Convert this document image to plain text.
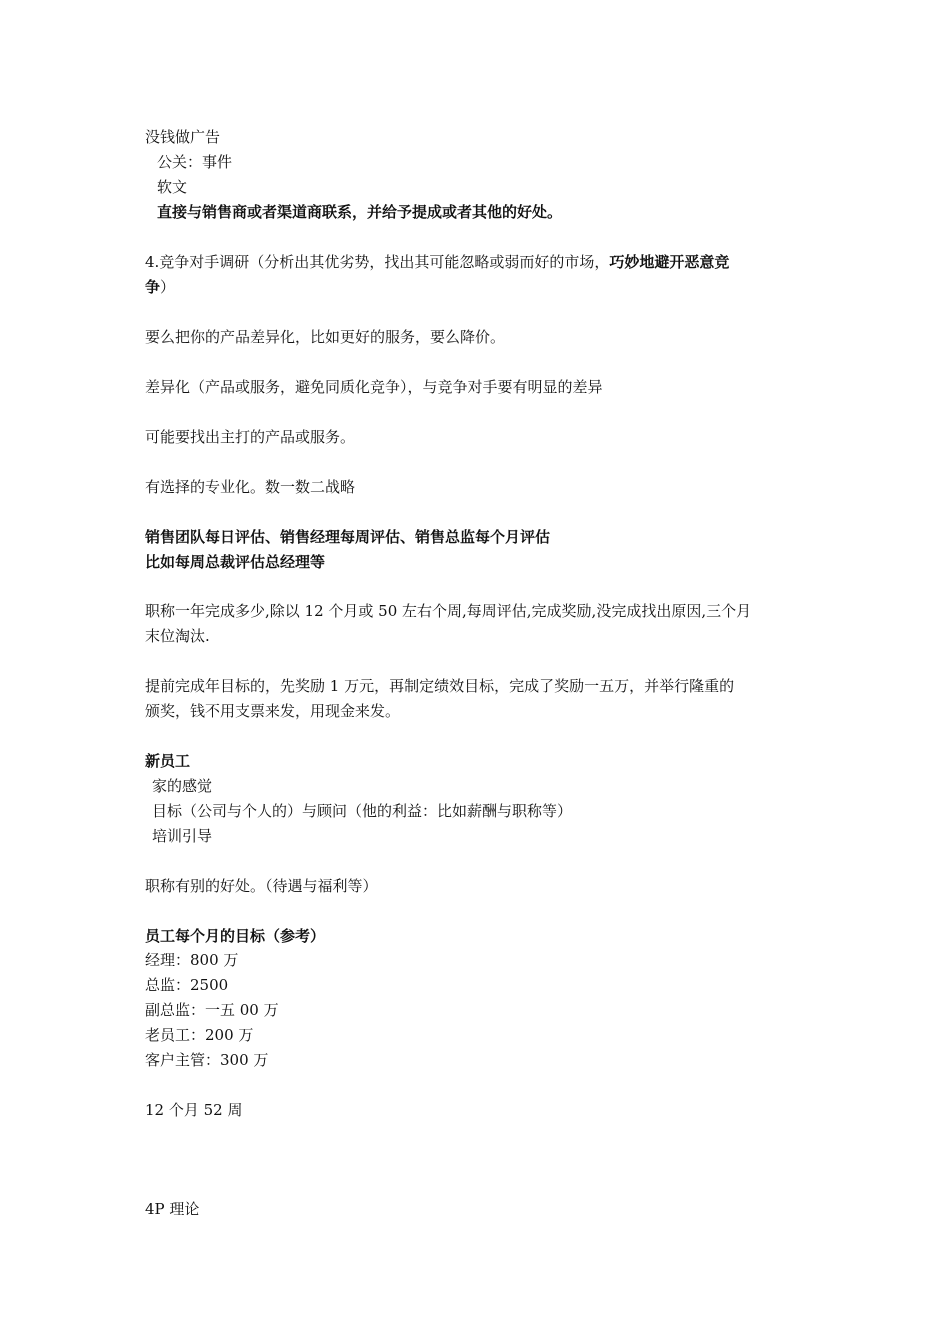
没钱做广告
公关：事件
软文
直接与销售商或者渠道商联系，并给予提成或者其他的好处。
4.竞争对手调研（分析出其优劣势，找出其可能忽略或弱而好的市场，巧妙地避开恶意竞
争）
要么把你的产品差异化，比如更好的服务，要么降价。
差异化（产品或服务，避免同质化竞争），与竞争对手要有明显的差异
可能要找出主打的产品或服务。
有选择的专业化。数一数二战略
销售团队每日评估、销售经理每周评估、销售总监每个月评估
比如每周总裁评估总经理等
职称一年完成多少,除以 12 个月或 50 左右个周,每周评估,完成奖励,没完成找出原因,三个月
末位淘汰.
提前完成年目标的，先奖励 1 万元，再制定绩效目标，完成了奖励一五万，并举行隆重的
颁奖，钱不用支票来发，用现金来发。
新员工
家的感觉
目标（公司与个人的）与顾问（他的利益：比如薪酬与职称等）
培训引导
职称有别的好处。（待遇与福利等）
员工每个月的目标（参考）
经理：800 万
总监：2500
副总监：一五 00 万
老员工：200 万
客户主管：300 万
12 个月 52 周
4P 理论
